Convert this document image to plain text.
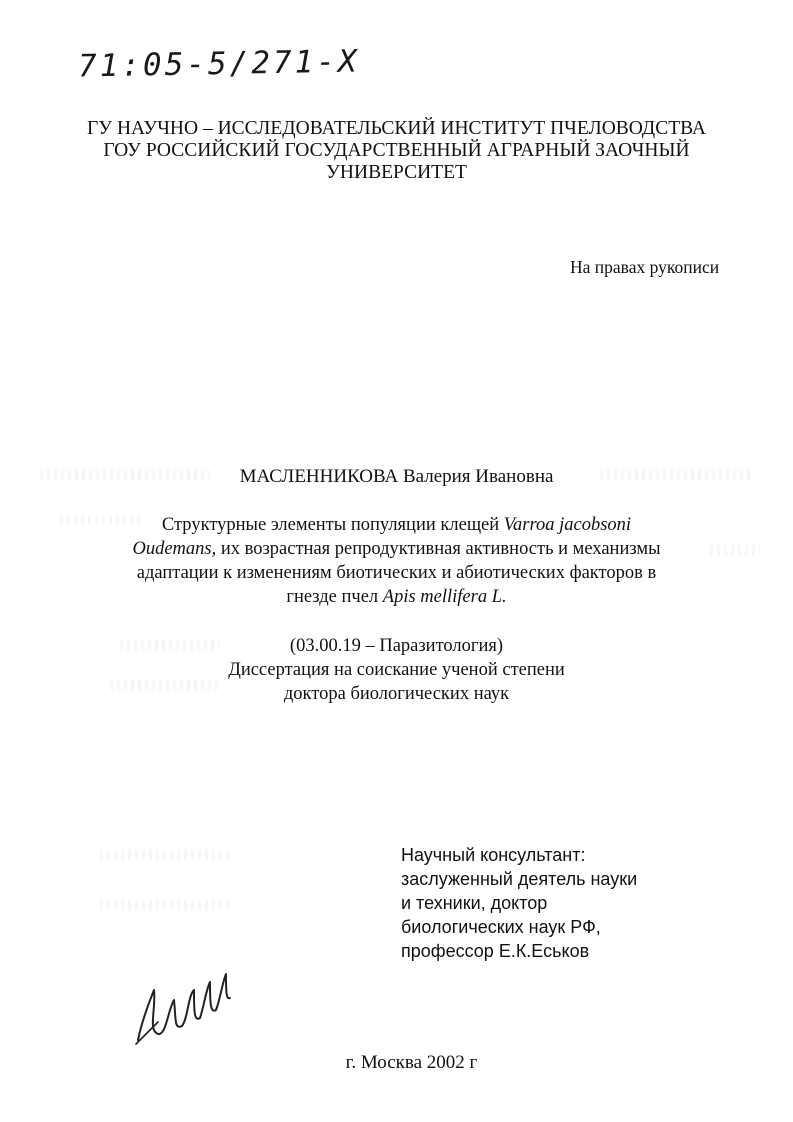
71:05-5/271-X
ГУ НАУЧНО – ИССЛЕДОВАТЕЛЬСКИЙ ИНСТИТУТ ПЧЕЛОВОДСТВА
ГОУ РОССИЙСКИЙ ГОСУДАРСТВЕННЫЙ АГРАРНЫЙ ЗАОЧНЫЙ
УНИВЕРСИТЕТ
На правах рукописи
МАСЛЕННИКОВА Валерия Ивановна
Структурные элементы популяции клещей Varroa jacobsoni
Oudemans, их возрастная репродуктивная активность и механизмы
адаптации к изменениям биотических и абиотических факторов в
гнезде пчел Apis mellifera L.
(03.00.19 – Паразитология)
Диссертация на соискание ученой степени
доктора биологических наук
Научный консультант:
заслуженный деятель науки
и техники, доктор
биологических наук РФ,
профессор Е.К.Еськов
г. Москва 2002 г
